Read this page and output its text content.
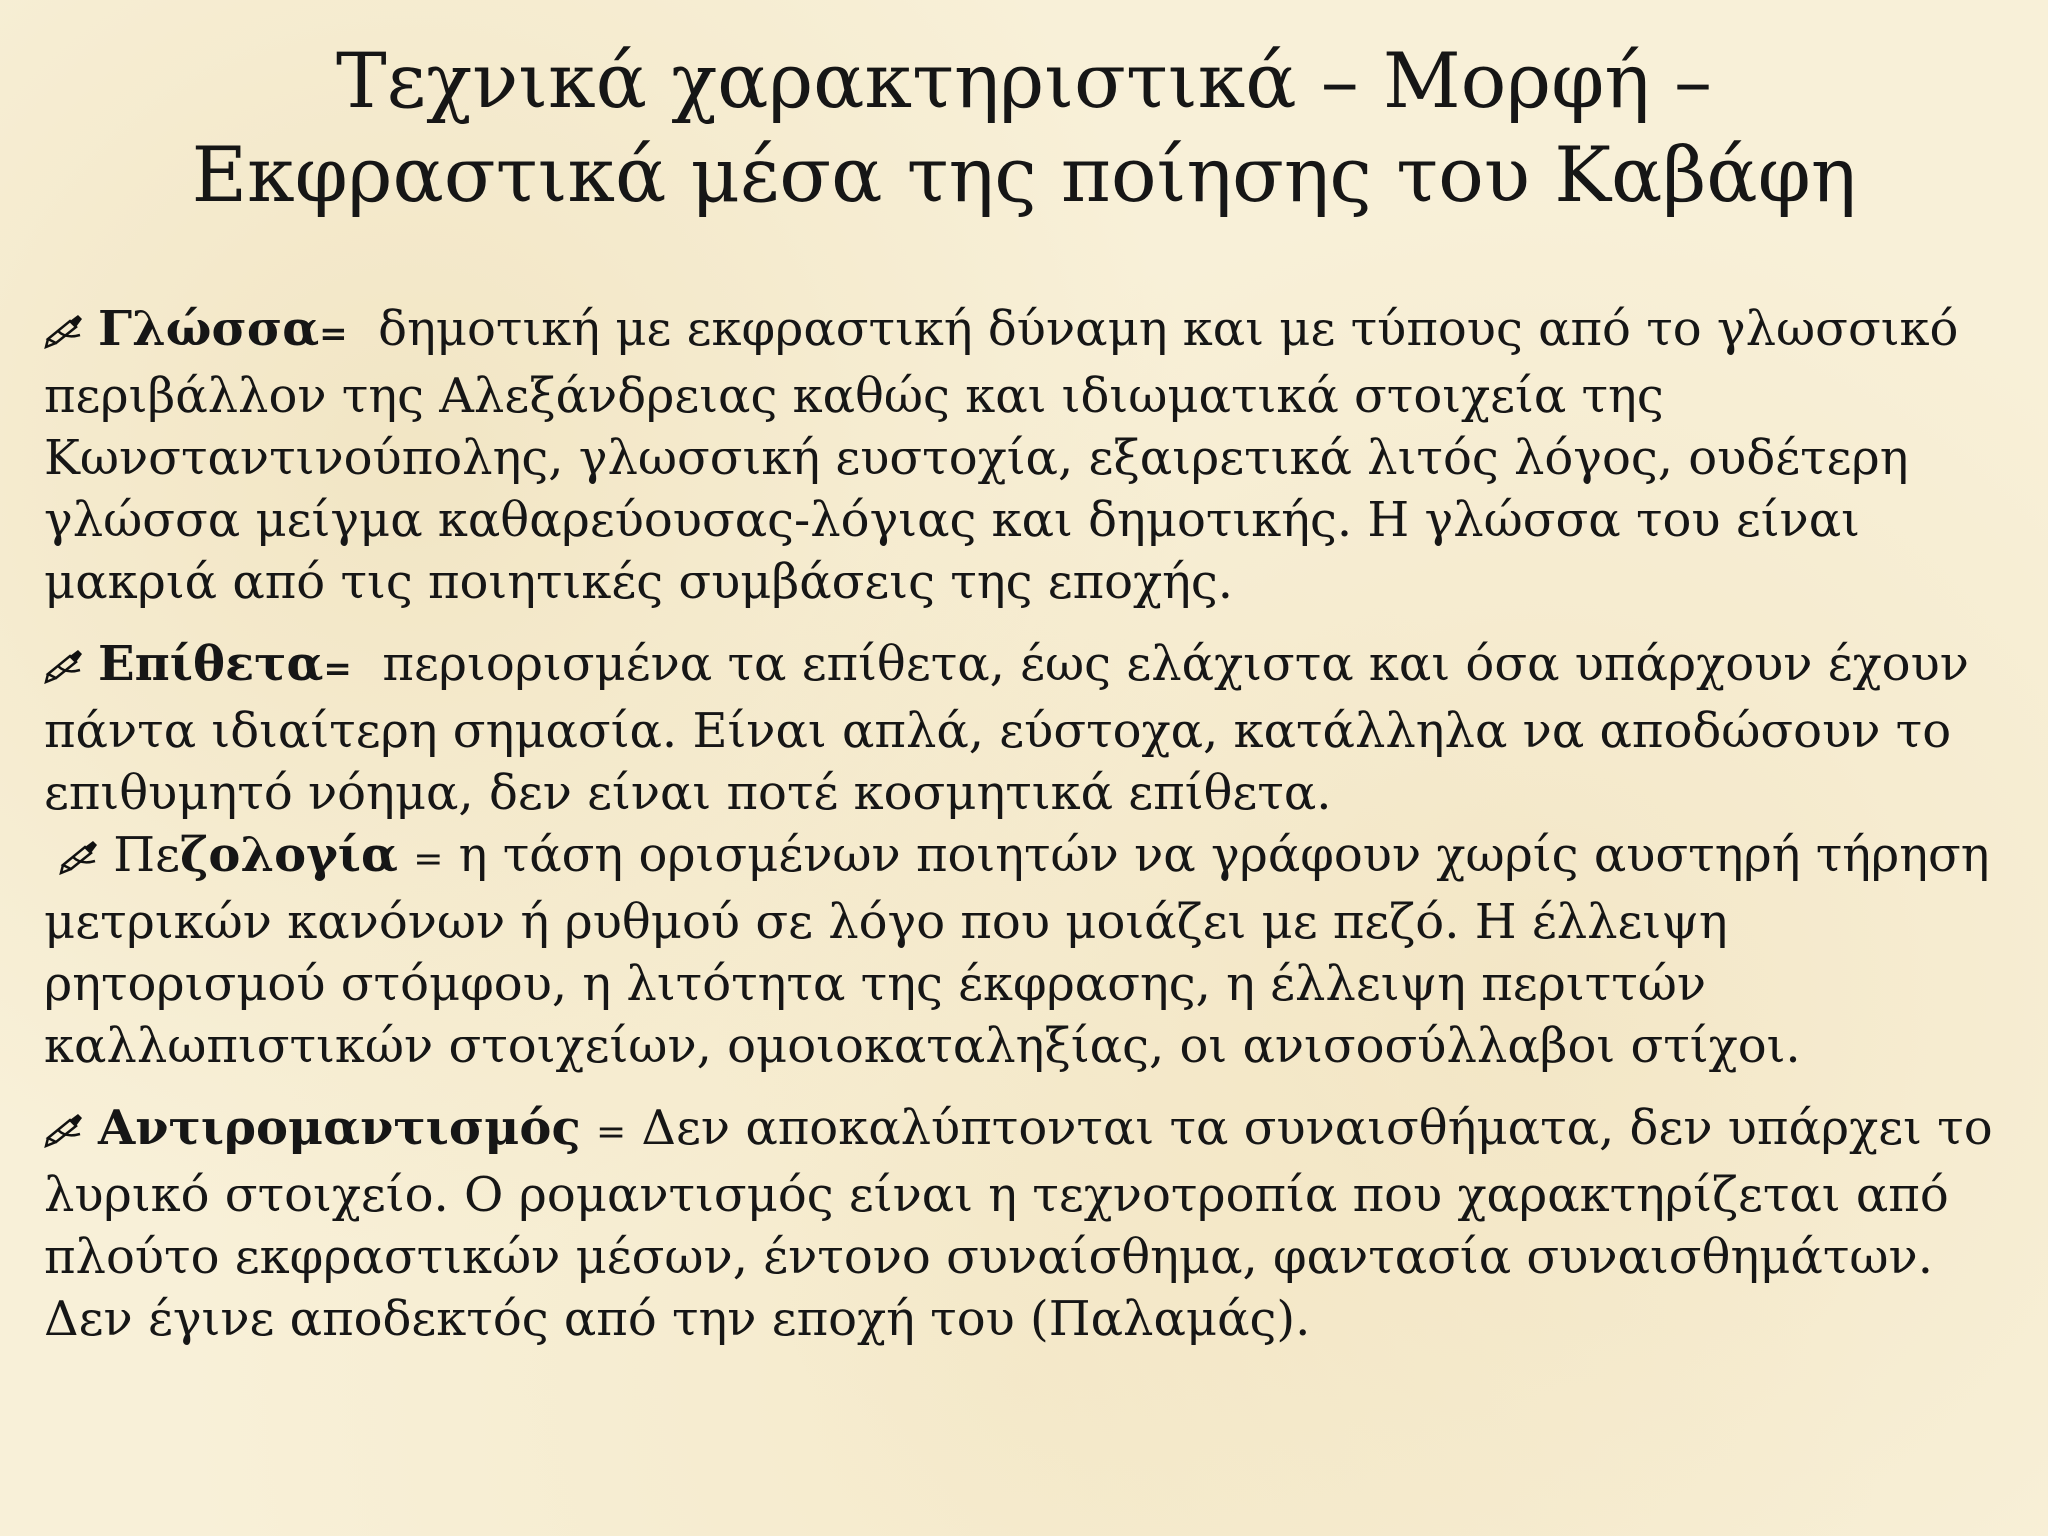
Τεχνικά χαρακτηριστικά – Μορφή –
Εκφραστικά μέσα της ποίησης του Καβάφη

Γλώσσα= δημοτική με εκφραστική δύναμη και με τύπους από το γλωσσικό περιβάλλον της Αλεξάνδρειας καθώς και ιδιωματικά στοιχεία της Κωνσταντινούπολης, γλωσσική ευστοχία, εξαιρετικά λιτός λόγος, ουδέτερη γλώσσα μείγμα καθαρεύουσας-λόγιας και δημοτικής. Η γλώσσα του είναι μακριά από τις ποιητικές συμβάσεις της εποχής.

Επίθετα= περιορισμένα τα επίθετα, έως ελάχιστα και όσα υπάρχουν έχουν πάντα ιδιαίτερη σημασία. Είναι απλά, εύστοχα, κατάλληλα να αποδώσουν το επιθυμητό νόημα, δεν είναι ποτέ κοσμητικά επίθετα.

Πεζολογία = η τάση ορισμένων ποιητών να γράφουν χωρίς αυστηρή τήρηση μετρικών κανόνων ή ρυθμού σε λόγο που μοιάζει με πεζό. Η έλλειψη ρητορισμού στόμφου, η λιτότητα της έκφρασης, η έλλειψη περιττών καλλωπιστικών στοιχείων, ομοιοκαταληξίας, οι ανισοσύλλαβοι στίχοι.

Αντιρομαντισμός = Δεν αποκαλύπτονται τα συναισθήματα, δεν υπάρχει το λυρικό στοιχείο. Ο ρομαντισμός είναι η τεχνοτροπία που χαρακτηρίζεται από πλούτο εκφραστικών μέσων, έντονο συναίσθημα, φαντασία συναισθημάτων. Δεν έγινε αποδεκτός από την εποχή του (Παλαμάς).
